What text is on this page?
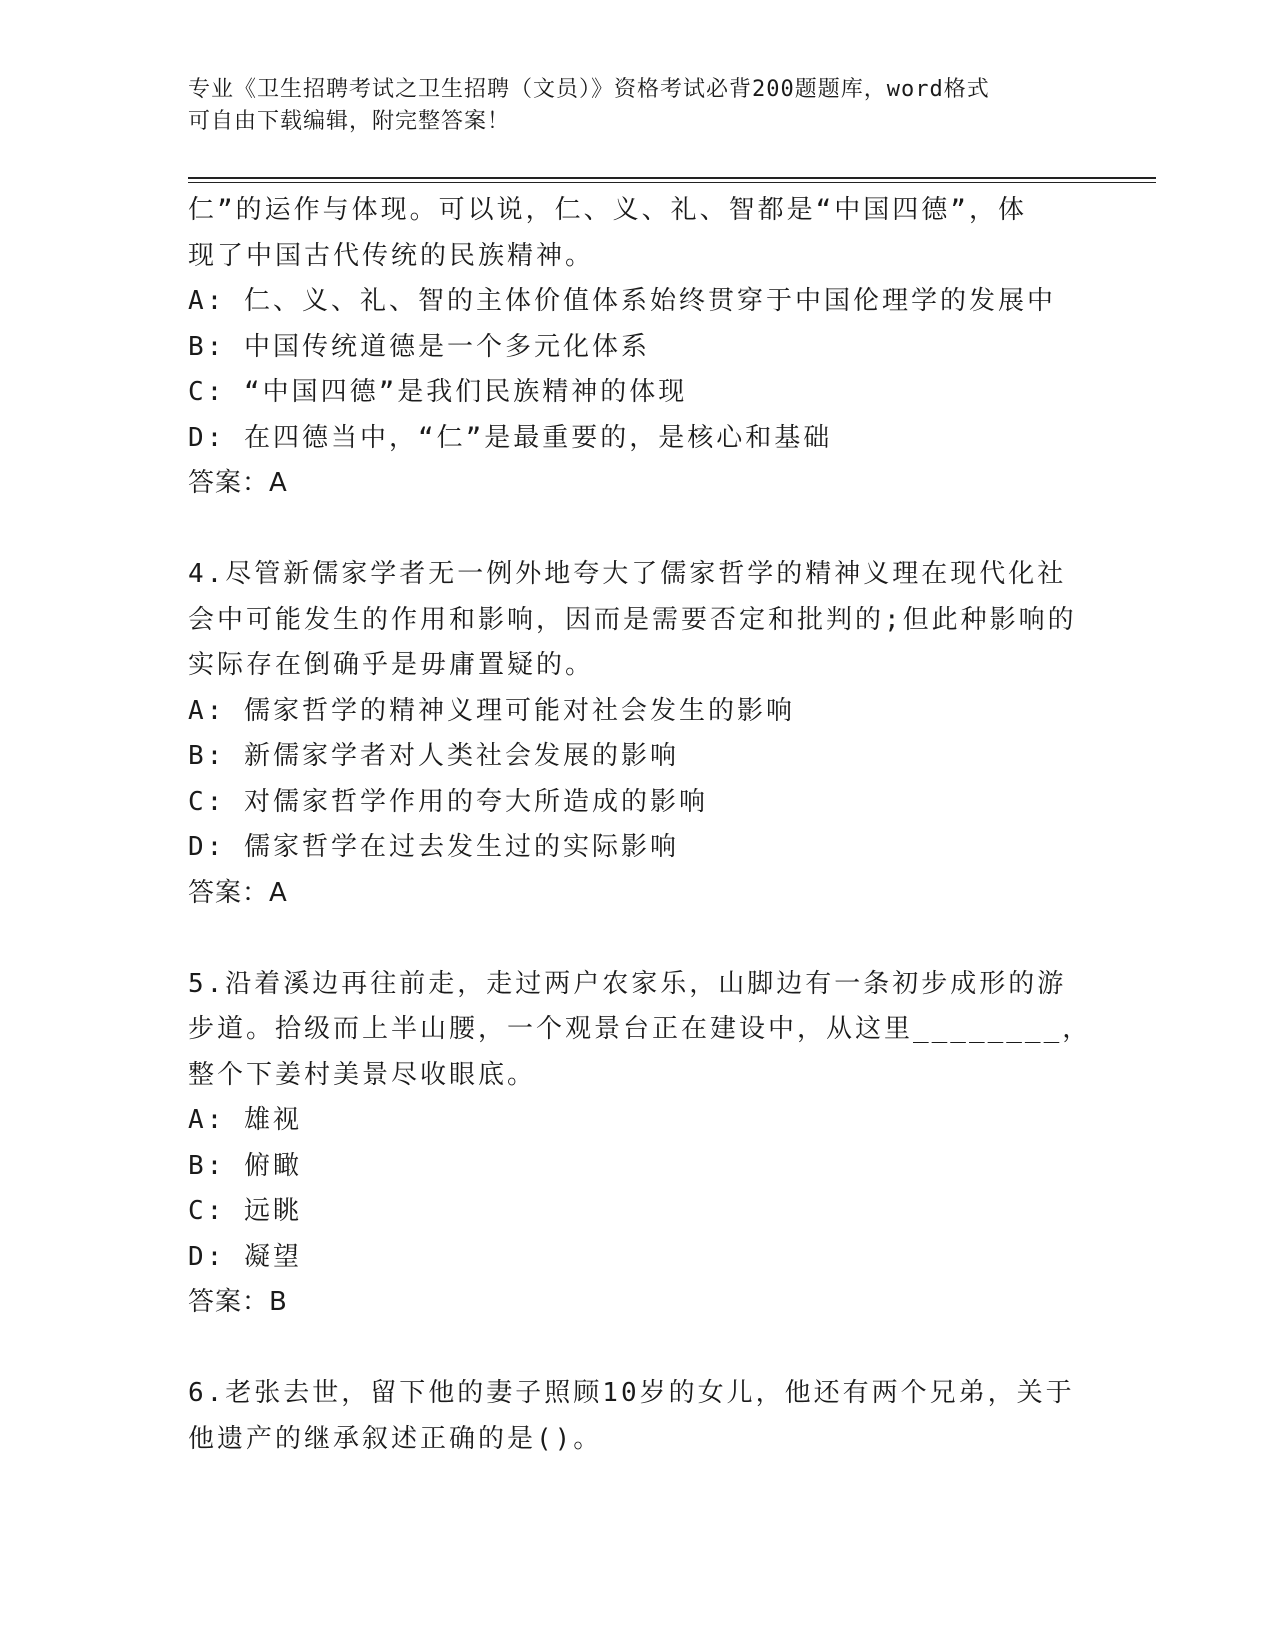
专业《卫生招聘考试之卫生招聘（文员）》资格考试必背200题题库，word格式
可自由下载编辑，附完整答案！
仁”的运作与体现。可以说，仁、义、礼、智都是“中国四德”，体
现了中国古代传统的民族精神。
A: 仁、义、礼、智的主体价值体系始终贯穿于中国伦理学的发展中
B: 中国传统道德是一个多元化体系
C: “中国四德”是我们民族精神的体现
D: 在四德当中，“仁”是最重要的，是核心和基础
答案：A
4.尽管新儒家学者无一例外地夸大了儒家哲学的精神义理在现代化社
会中可能发生的作用和影响，因而是需要否定和批判的;但此种影响的
实际存在倒确乎是毋庸置疑的。
A: 儒家哲学的精神义理可能对社会发生的影响
B: 新儒家学者对人类社会发展的影响
C: 对儒家哲学作用的夸大所造成的影响
D: 儒家哲学在过去发生过的实际影响
答案：A
5.沿着溪边再往前走，走过两户农家乐，山脚边有一条初步成形的游
步道。拾级而上半山腰，一个观景台正在建设中，从这里________，
整个下姜村美景尽收眼底。
A: 雄视
B: 俯瞰
C: 远眺
D: 凝望
答案：B
6.老张去世，留下他的妻子照顾10岁的女儿，他还有两个兄弟，关于
他遗产的继承叙述正确的是()。
